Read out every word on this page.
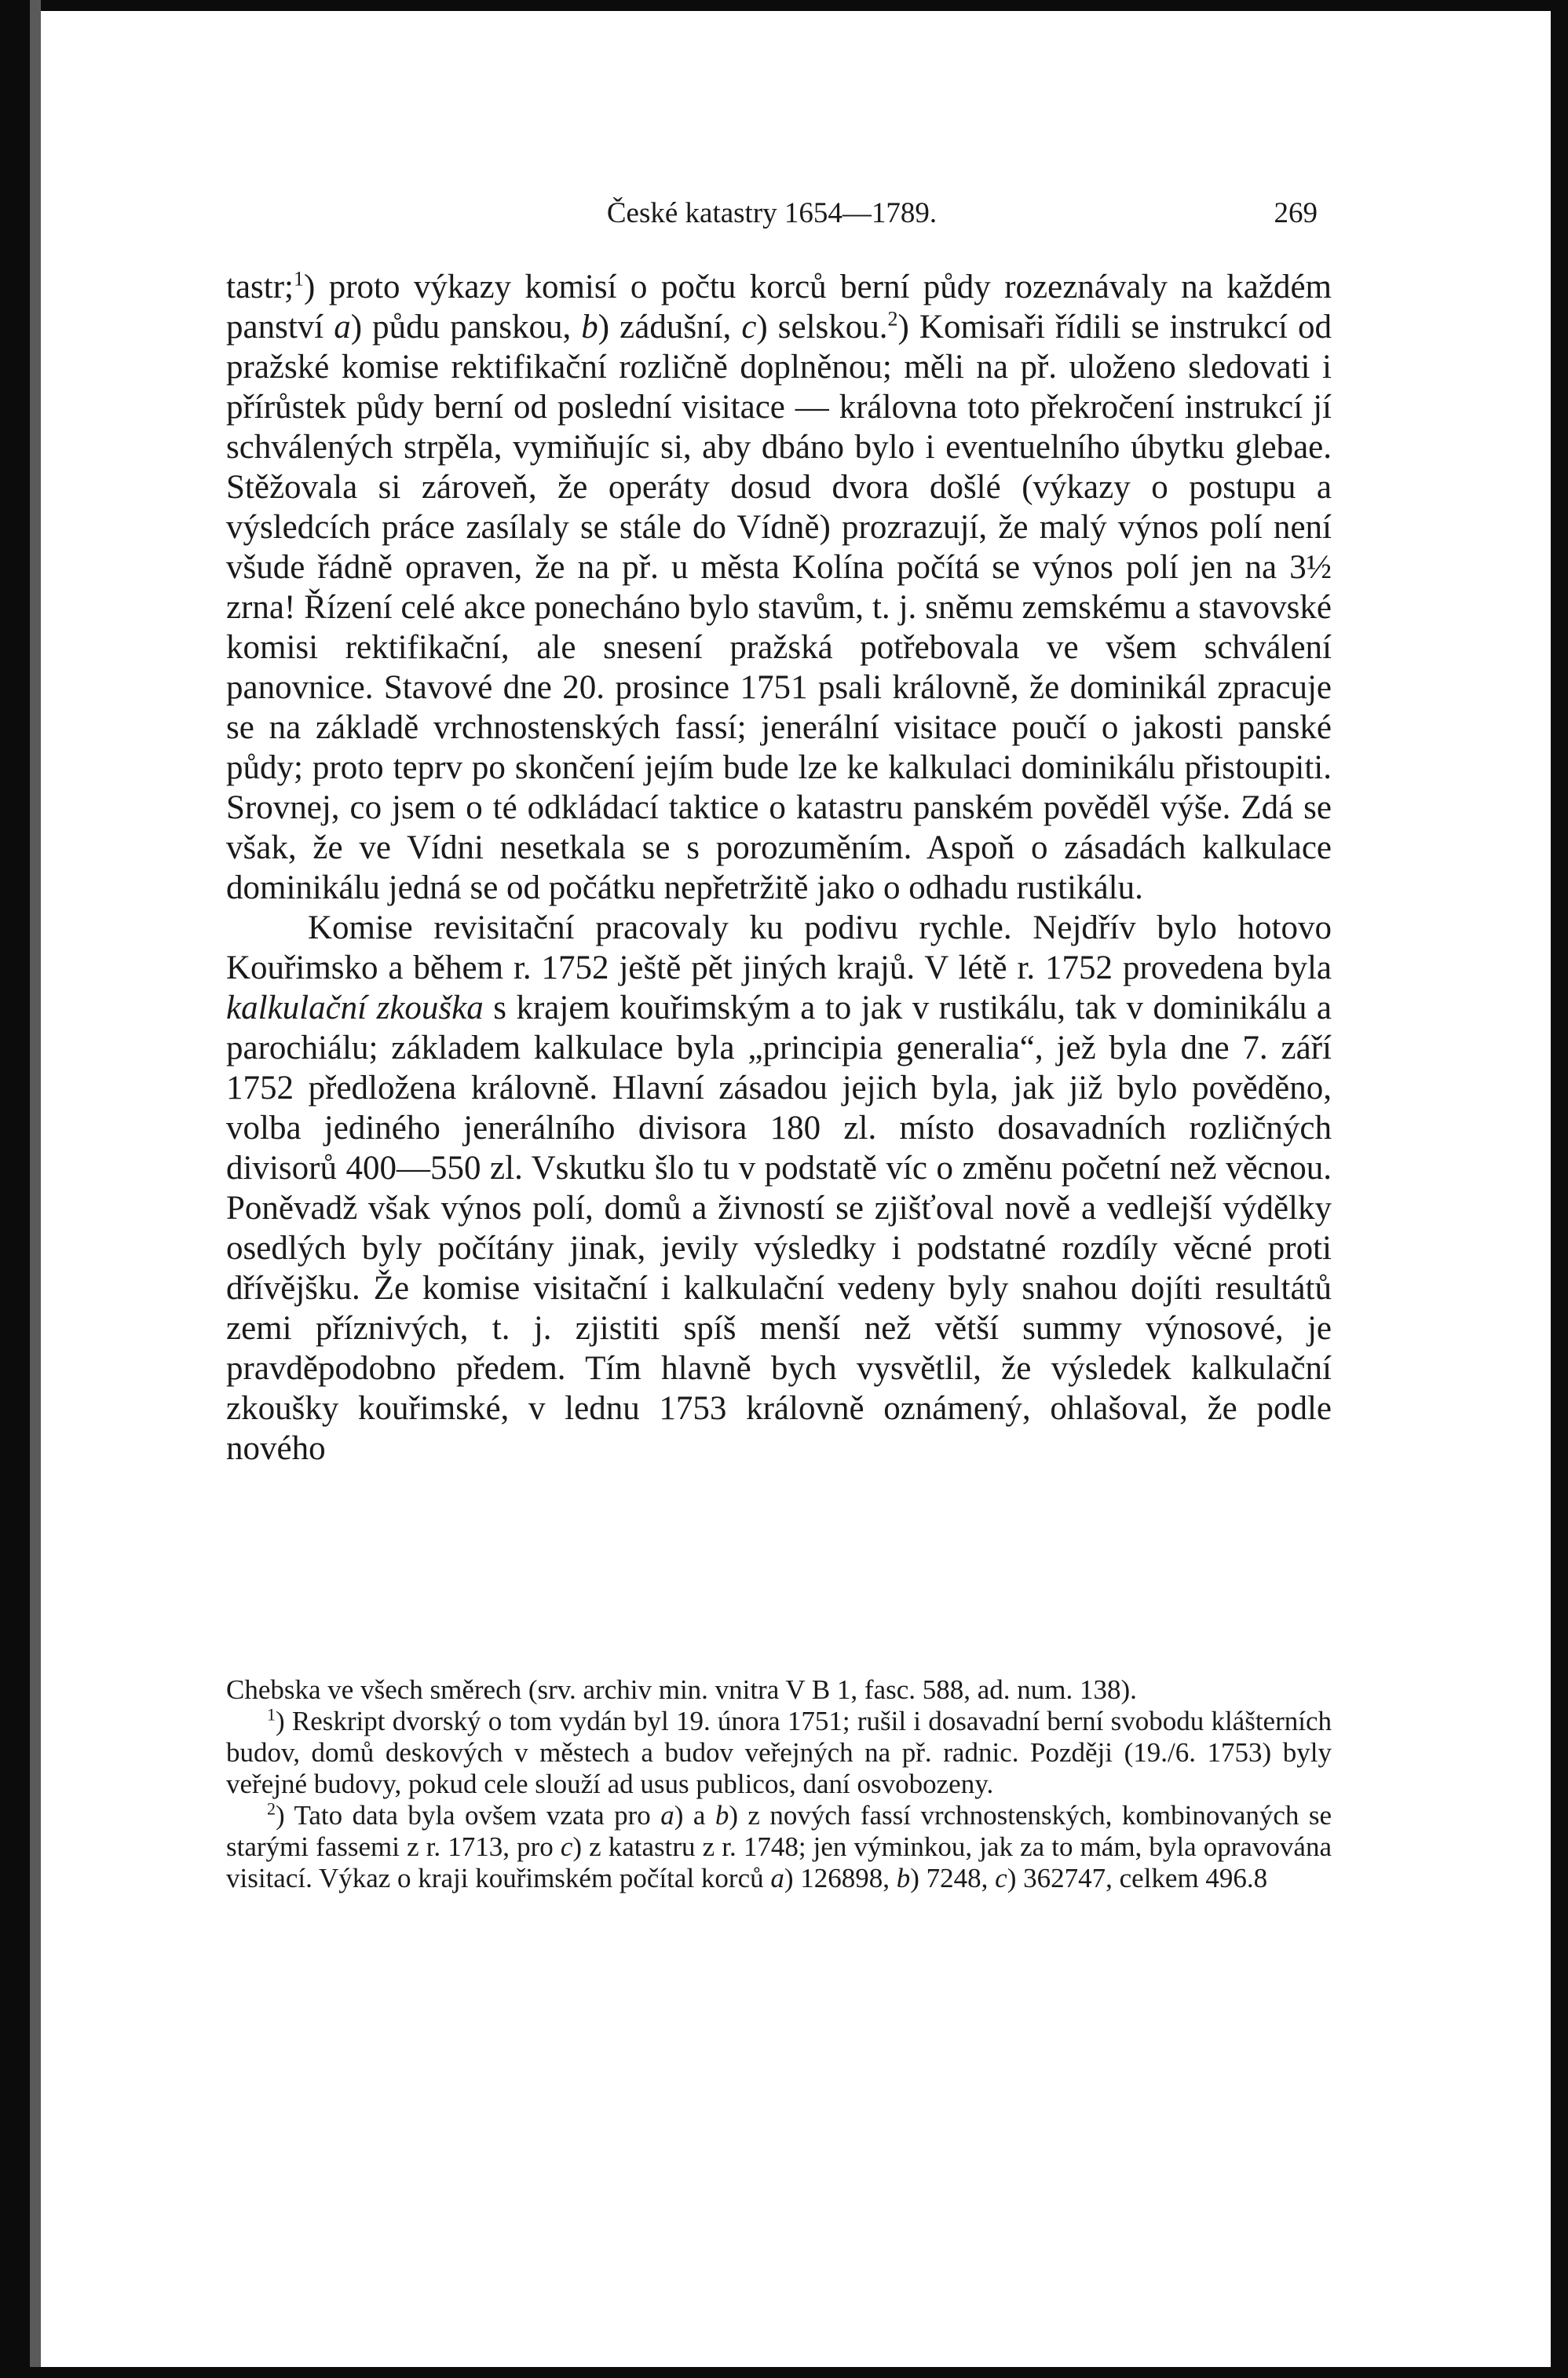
České katastry 1654—1789.	269

tastr;$^1$) proto výkazy komisí o počtu korců berní půdy rozeznávaly na každém panství a) půdu panskou, b) zádušní, c) selskou.$^2$) Komisaři řídili se instrukcí od pražské komise rektifikační rozličně doplněnou; měli na př. uloženo sledovati i přírůstek půdy berní od poslední visitace — královna toto překročení instrukcí jí schválených strpěla, vymiňujíc si, aby dbáno bylo i eventuelního úbytku glebae. Stěžovala si zároveň, že operáty dosud dvora došlé (výkazy o postupu a výsledcích práce zasílaly se stále do Vídně) prozrazují, že malý výnos polí není všude řádně opraven, že na př. u města Kolína počítá se výnos polí jen na 3½ zrna! Řízení celé akce ponecháno bylo stavům, t. j. sněmu zemskému a stavovské komisi rektifikační, ale snesení pražská potřebovala ve všem schválení panovnice. Stavové dne 20. prosince 1751 psali královně, že dominikál zpracuje se na základě vrchnostenských fassí; jenerální visitace poučí o jakosti panské půdy; proto teprv po skončení jejím bude lze ke kalkulaci dominikálu přistoupiti. Srovnej, co jsem o té odkládací taktice o katastru panském pověděl výše. Zdá se však, že ve Vídni nesetkala se s porozuměním. Aspoň o zásadách kalkulace dominikálu jedná se od počátku nepřetržitě jako o odhadu rustikálu.

Komise revisitační pracovaly ku podivu rychle. Nejdřív bylo hotovo Kouřimsko a během r. 1752 ještě pět jiných krajů. V létě r. 1752 provedena byla kalkulační zkouška s krajem kouřimským a to jak v rustikálu, tak v dominikálu a parochiálu; základem kalkulace byla „principia generalia“, jež byla dne 7. září 1752 předložena královně. Hlavní zásadou jejich byla, jak již bylo pověděno, volba jediného jenerálního divisora 180 zl. místo dosavadních rozličných divisorů 400—550 zl. Vskutku šlo tu v podstatě víc o změnu početní než věcnou. Poněvadž však výnos polí, domů a živností se zjišťoval nově a vedlejší výdělky osedlých byly počítány jinak, jevily výsledky i podstatné rozdíly věcné proti dřívějšku. Že komise visitační i kalkulační vedeny byly snahou dojíti resultátů zemi příznivých, t. j. zjistiti spíš menší než větší summy výnosové, je pravděpodobno předem. Tím hlavně bych vysvětlil, že výsledek kalkulační zkoušky kouřimské, v lednu 1753 královně oznámený, ohlašoval, že podle nového

Chebska ve všech směrech (srv. archiv min. vnitra V B 1, fasc. 588, ad. num. 138).

$^1$) Reskript dvorský o tom vydán byl 19. února 1751; rušil i dosavadní berní svobodu klášterních budov, domů deskových v městech a budov veřejných na př. radnic. Později (19./6. 1753) byly veřejné budovy, pokud cele slouží ad usus publicos, daní osvobozeny.

$^2$) Tato data byla ovšem vzata pro a) a b) z nových fassí vrchnostenských, kombinovaných se starými fassemi z r. 1713, pro c) z katastru z r. 1748; jen výminkou, jak za to mám, byla opravována visitací. Výkaz o kraji kouřimském počítal korců a) 126898, b) 7248, c) 362747, celkem 496.8
